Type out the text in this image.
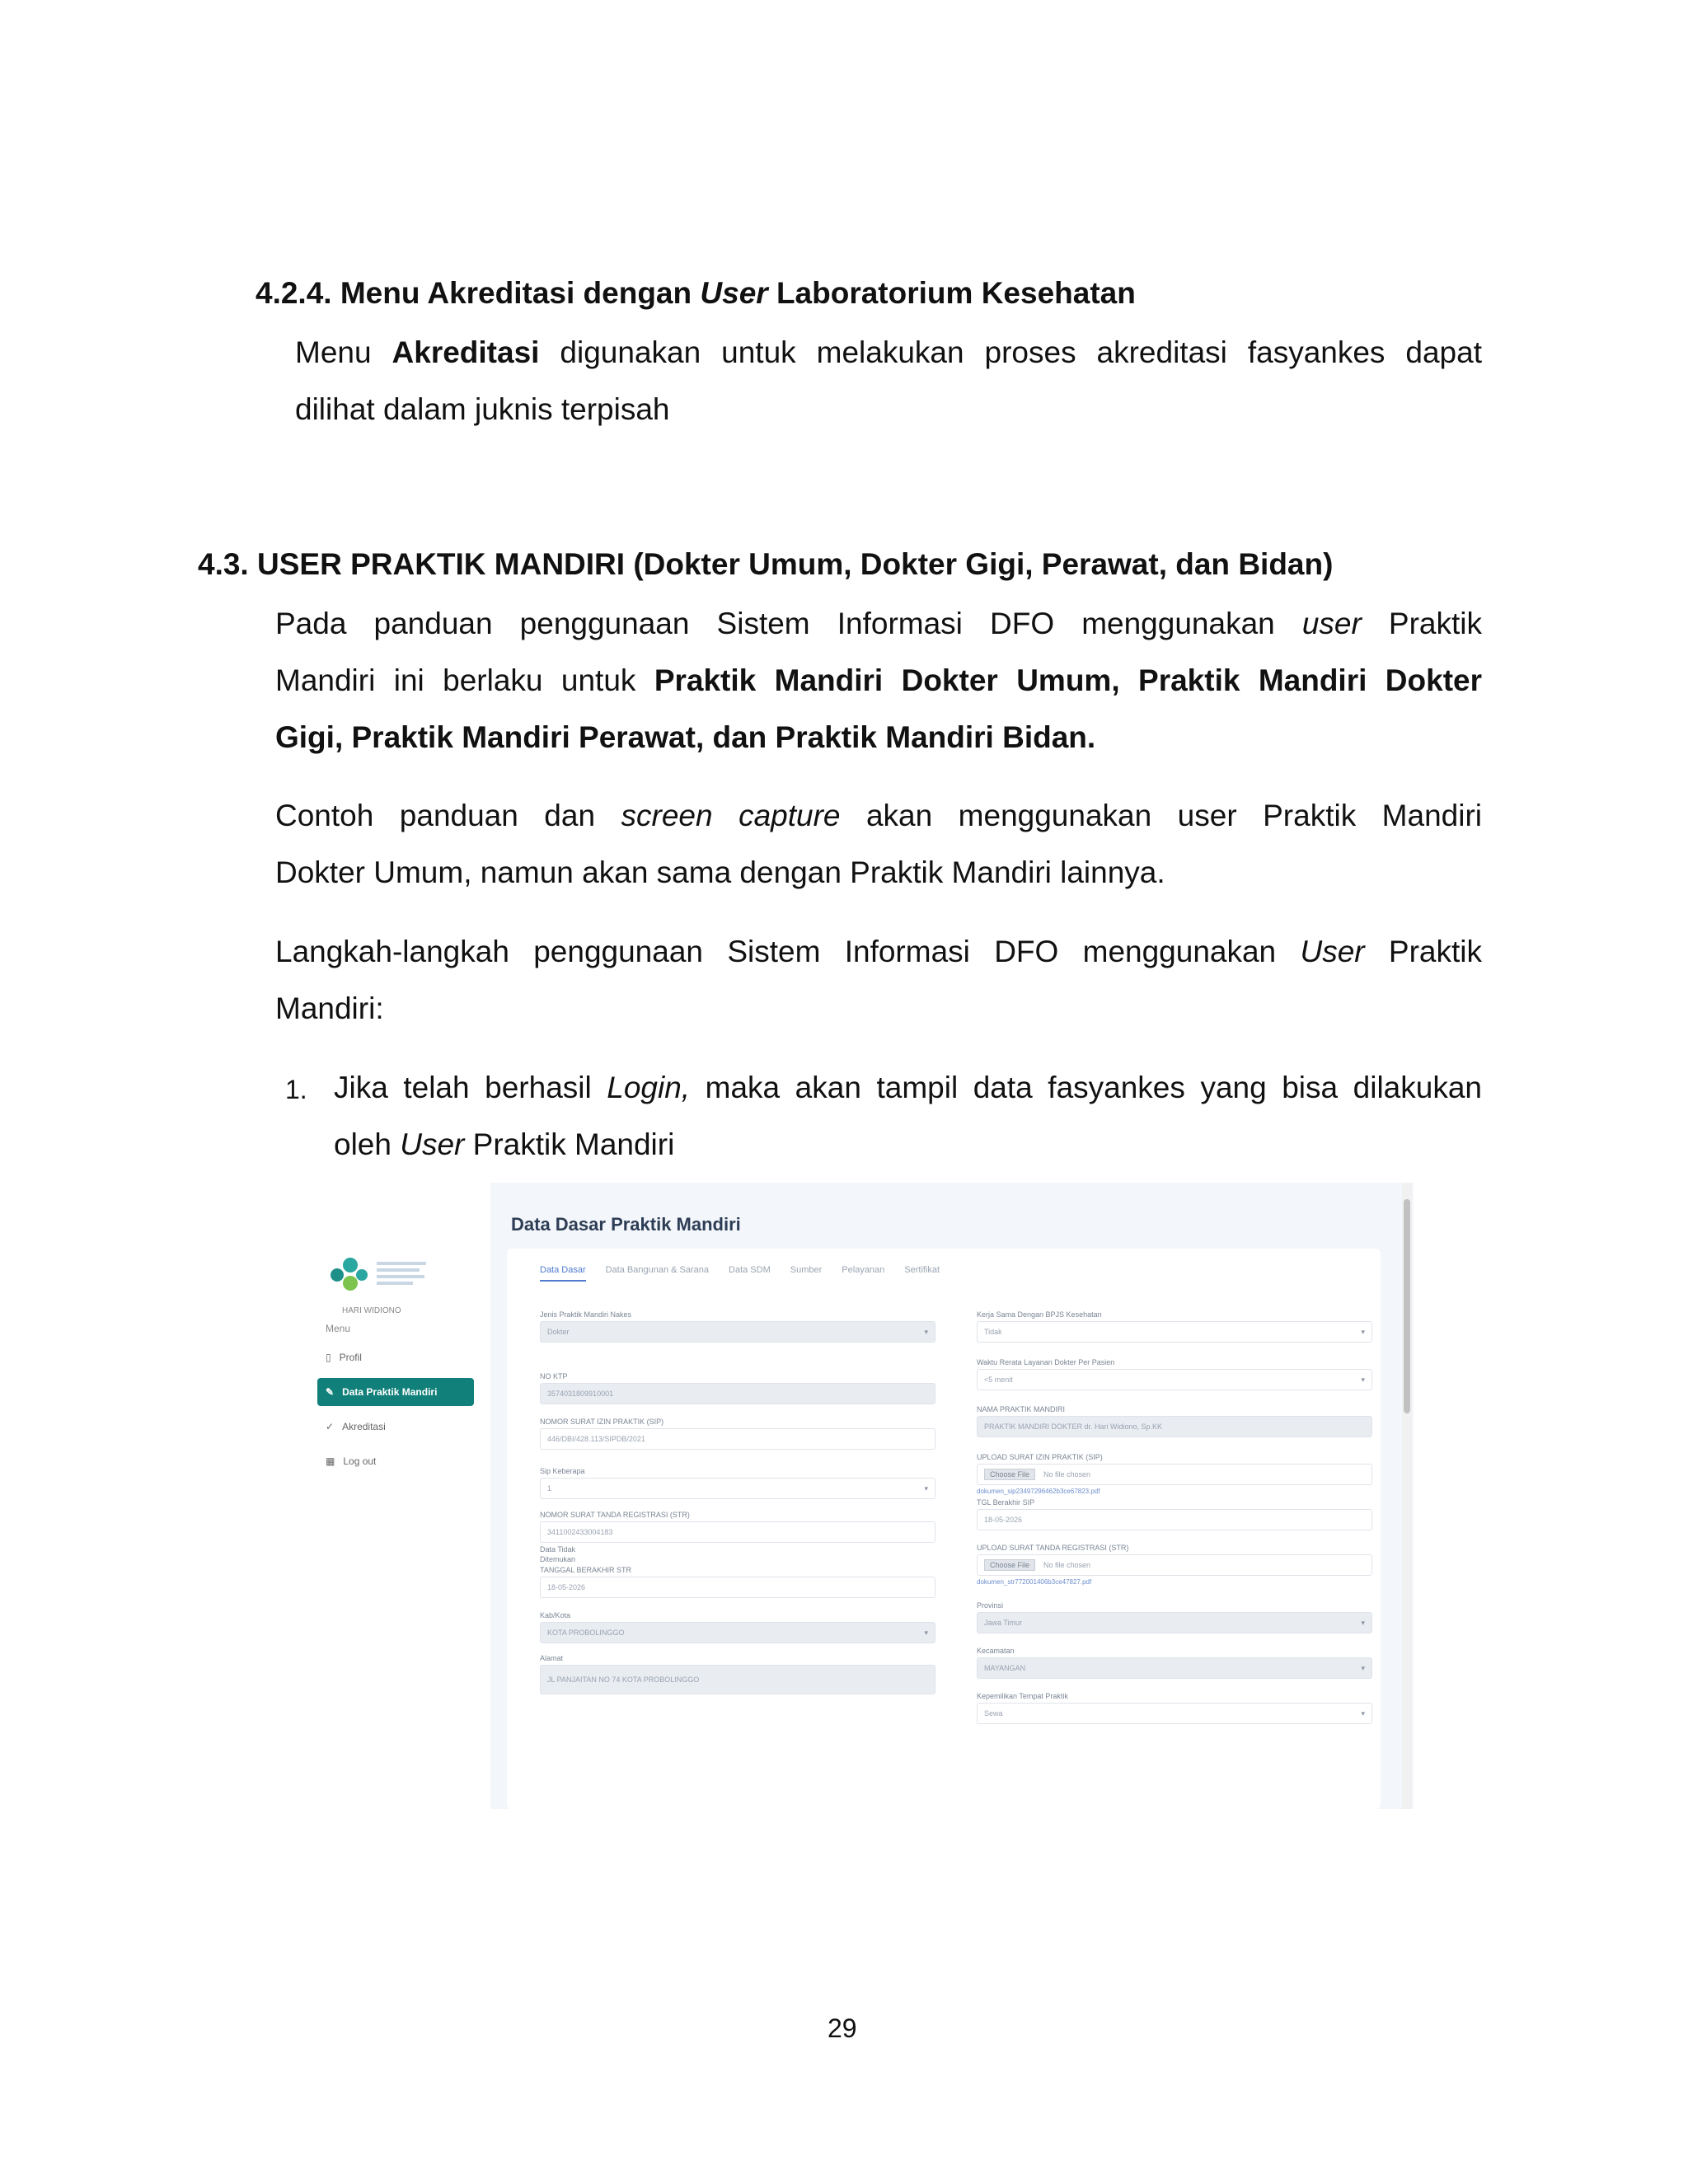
4.2.4. Menu Akreditasi dengan User Laboratorium Kesehatan
Menu Akreditasi digunakan untuk melakukan proses akreditasi fasyankes dapat
dilihat dalam juknis terpisah
4.3. USER PRAKTIK MANDIRI (Dokter Umum, Dokter Gigi, Perawat, dan Bidan)
Pada panduan penggunaan Sistem Informasi DFO menggunakan user Praktik
Mandiri ini berlaku untuk Praktik Mandiri Dokter Umum, Praktik Mandiri Dokter
Gigi, Praktik Mandiri Perawat, dan Praktik Mandiri Bidan.
Contoh panduan dan screen capture akan menggunakan user Praktik Mandiri
Dokter Umum, namun akan sama dengan Praktik Mandiri lainnya.
Langkah-langkah penggunaan Sistem Informasi DFO menggunakan User Praktik
Mandiri:
1. Jika telah berhasil Login, maka akan tampil data fasyankes yang bisa dilakukan
oleh User Praktik Mandiri
HARI WIDIONO
Menu
▯ Profil
✎ Data Praktik Mandiri
✓ Akreditasi
▦ Log out
Data Dasar Praktik Mandiri
Data Dasar Data Bangunan & Sarana Data SDM Sumber Pelayanan Sertifikat
Jenis Praktik Mandiri Nakes
Dokter	▾
NO KTP
3574031809910001
NOMOR SURAT IZIN PRAKTIK (SIP)
446/DBI/428.113/SIPDB/2021
Sip Keberapa
1	▾
NOMOR SURAT TANDA REGISTRASI (STR)
3411002433004183
Data Tidak
Ditemukan
TANGGAL BERAKHIR STR
18-05-2026
Kab/Kota
KOTA PROBOLINGGO	▾
Alamat
JL PANJAITAN NO 74 KOTA PROBOLINGGO
Kerja Sama Dengan BPJS Kesehatan
Tidak	▾
Waktu Rerata Layanan Dokter Per Pasien
<5 menit	▾
NAMA PRAKTIK MANDIRI
PRAKTIK MANDIRI DOKTER dr. Hari Widiono, Sp.KK
UPLOAD SURAT IZIN PRAKTIK (SIP)
Choose File	No file chosen
dokumen_sip23497296462b3ce67823.pdf
TGL Berakhir SIP
18-05-2026
UPLOAD SURAT TANDA REGISTRASI (STR)
Choose File	No file chosen
dokumen_str772001406b3ce47827.pdf
Provinsi
Jawa Timur	▾
Kecamatan
MAYANGAN	▾
Kepemilikan Tempat Praktik
Sewa	▾
29
